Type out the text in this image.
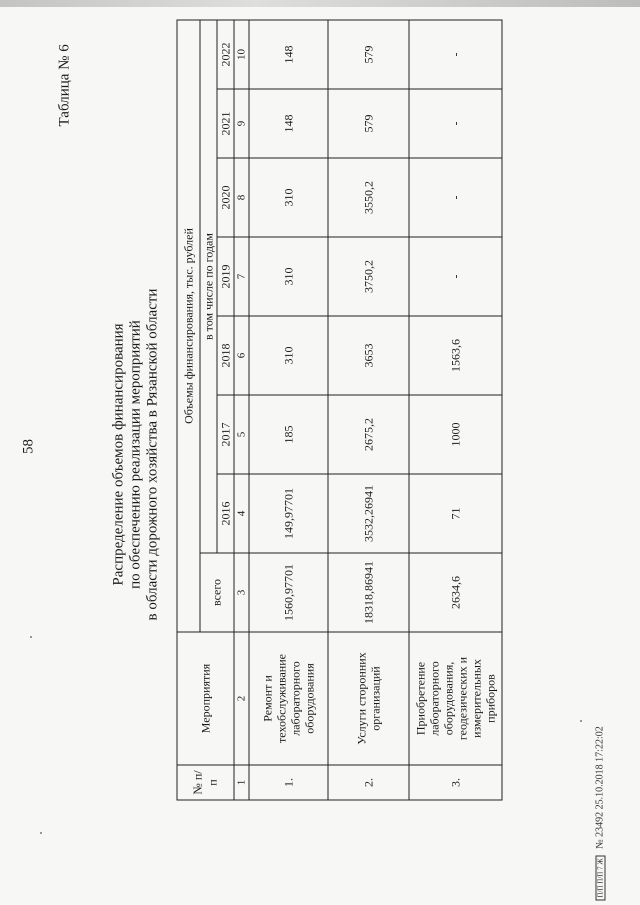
58
Таблица № 6
Распределение объемов финансирования по обеспечению реализации мероприятий в области дорожного хозяйства в Рязанской области
№ п/п	Мероприятия	Объемы финансирования, тыс. рублей							
		всего	в том числе по годам						
			2016	2017	2018	2019	2020	2021	2022
1	2	3	4	5	6	7	8	9	10
1.	Ремонт и техобслуживание лабораторного оборудования	1560,97701	149,97701	185	310	310	310	148	148
2.	Услуги сторонних организаций	18318,86941	3532,26941	2675,2	3653	3750,2	3550,2	579	579
3.	Приобретение лабораторного оборудования, геодезических и измерительных приборов	2634,6	71	1000	1563,6	-	-	-	-
П/П П/П 7 Ж № 23492 25.10.2018 17:22:02
